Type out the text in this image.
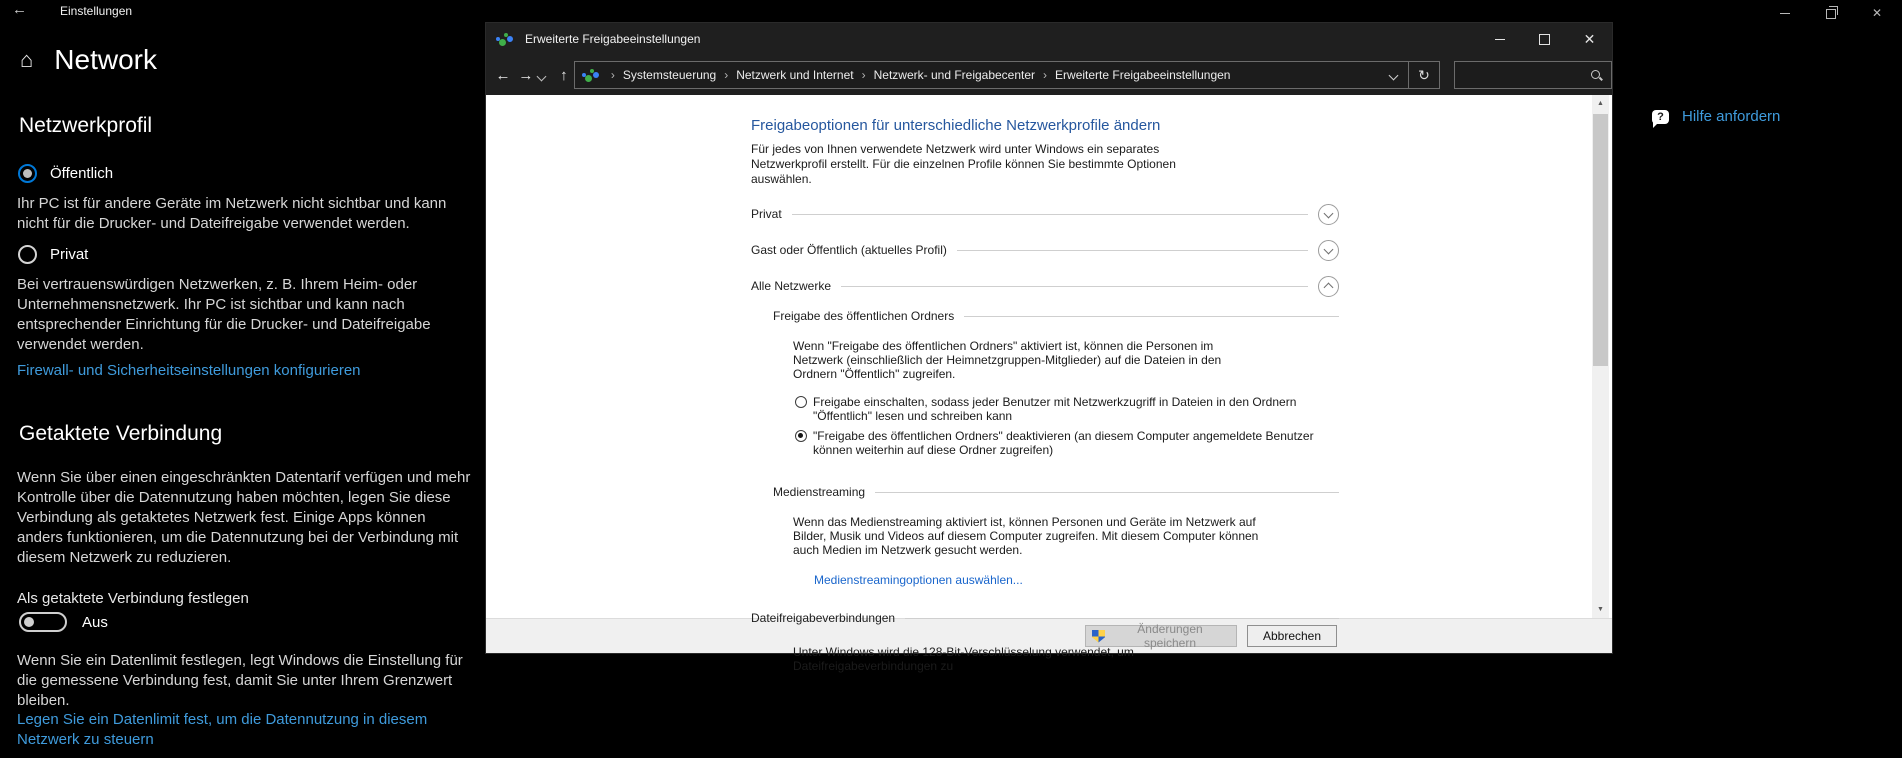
←	Einstellungen	✕
⌂ Network
Netzwerkprofil
Öffentlich
Ihr PC ist für andere Geräte im Netzwerk nicht sichtbar und kann nicht für die Drucker- und Dateifreigabe verwendet werden.
Privat
Bei vertrauenswürdigen Netzwerken, z. B. Ihrem Heim- oder Unternehmensnetzwerk. Ihr PC ist sichtbar und kann nach entsprechender Einrichtung für die Drucker- und Dateifreigabe verwendet werden.
Firewall- und Sicherheitseinstellungen konfigurieren
Getaktete Verbindung
Wenn Sie über einen eingeschränkten Datentarif verfügen und mehr Kontrolle über die Datennutzung haben möchten, legen Sie diese Verbindung als getaktetes Netzwerk fest. Einige Apps können anders funktionieren, um die Datennutzung bei der Verbindung mit diesem Netzwerk zu reduzieren.
Als getaktete Verbindung festlegen
Aus
Wenn Sie ein Datenlimit festlegen, legt Windows die Einstellung für die gemessene Verbindung fest, damit Sie unter Ihrem Grenzwert bleiben.
Legen Sie ein Datenlimit fest, um die Datennutzung in diesem Netzwerk zu steuern
?	Hilfe anfordern
Erweiterte Freigabeeinstellungen	✕
← →	↑	› Systemsteuerung › Netzwerk und Internet › Netzwerk- und Freigabecenter › Erweiterte Freigabeeinstellungen	↻
Freigabeoptionen für unterschiedliche Netzwerkprofile ändern
Für jedes von Ihnen verwendete Netzwerk wird unter Windows ein separates Netzwerkprofil erstellt. Für die einzelnen Profile können Sie bestimmte Optionen auswählen.
Privat
Gast oder Öffentlich (aktuelles Profil)
Alle Netzwerke
Freigabe des öffentlichen Ordners
Wenn "Freigabe des öffentlichen Ordners" aktiviert ist, können die Personen im Netzwerk (einschließlich der Heimnetzgruppen-Mitglieder) auf die Dateien in den Ordnern "Öffentlich" zugreifen.
Freigabe einschalten, sodass jeder Benutzer mit Netzwerkzugriff in Dateien in den Ordnern "Öffentlich" lesen und schreiben kann
"Freigabe des öffentlichen Ordners" deaktivieren (an diesem Computer angemeldete Benutzer können weiterhin auf diese Ordner zugreifen)
Medienstreaming
Wenn das Medienstreaming aktiviert ist, können Personen und Geräte im Netzwerk auf Bilder, Musik und Videos auf diesem Computer zugreifen. Mit diesem Computer können auch Medien im Netzwerk gesucht werden.
Medienstreamingoptionen auswählen...
Dateifreigabeverbindungen
Unter Windows wird die 128-Bit-Verschlüsselung verwendet, um Dateifreigabeverbindungen zu
▲
▼
Änderungen speichern	Abbrechen
